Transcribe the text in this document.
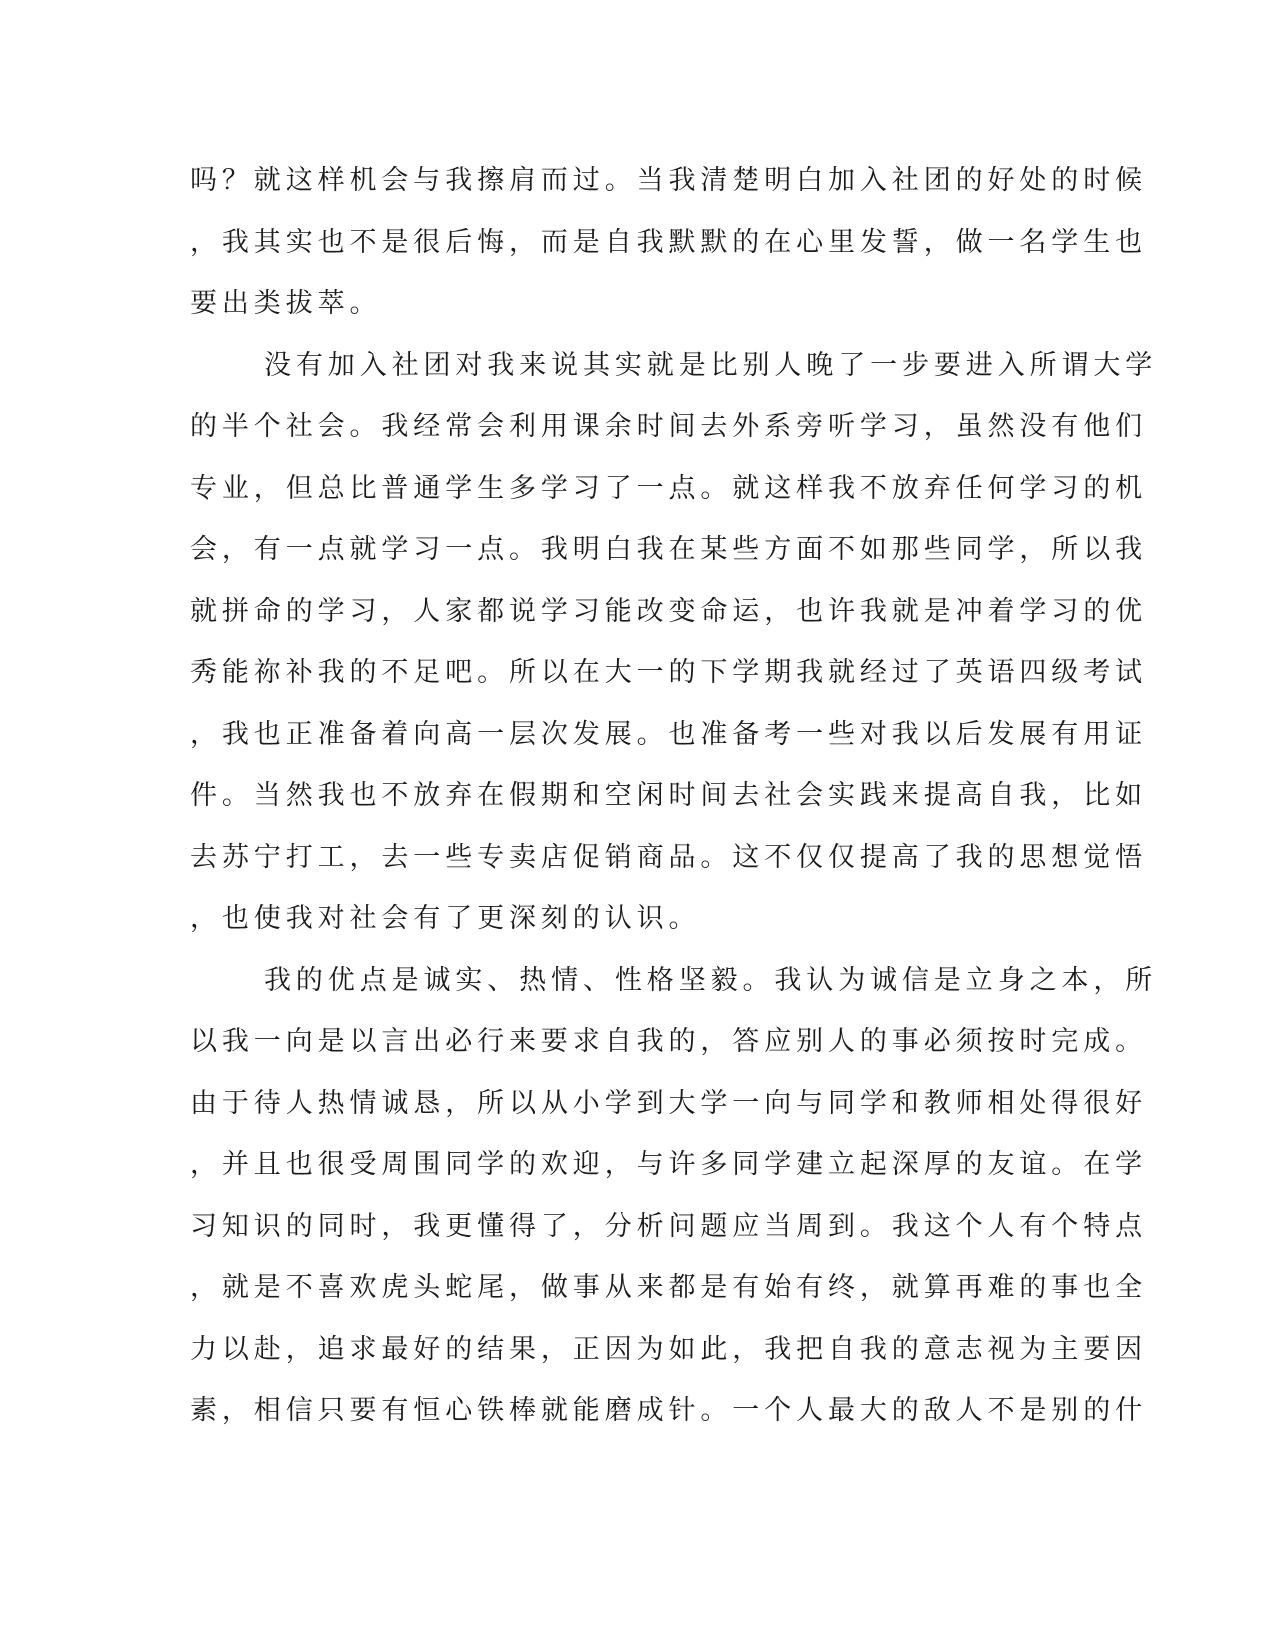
吗？就这样机会与我擦肩而过。当我清楚明白加入社团的好处的时候
，我其实也不是很后悔，而是自我默默的在心里发誓，做一名学生也
要出类拔萃。
没有加入社团对我来说其实就是比别人晚了一步要进入所谓大学
的半个社会。我经常会利用课余时间去外系旁听学习，虽然没有他们
专业，但总比普通学生多学习了一点。就这样我不放弃任何学习的机
会，有一点就学习一点。我明白我在某些方面不如那些同学，所以我
就拼命的学习，人家都说学习能改变命运，也许我就是冲着学习的优
秀能祢补我的不足吧。所以在大一的下学期我就经过了英语四级考试
，我也正准备着向高一层次发展。也准备考一些对我以后发展有用证
件。当然我也不放弃在假期和空闲时间去社会实践来提高自我，比如
去苏宁打工，去一些专卖店促销商品。这不仅仅提高了我的思想觉悟
，也使我对社会有了更深刻的认识。
我的优点是诚实、热情、性格坚毅。我认为诚信是立身之本，所
以我一向是以言出必行来要求自我的，答应别人的事必须按时完成。
由于待人热情诚恳，所以从小学到大学一向与同学和教师相处得很好
，并且也很受周围同学的欢迎，与许多同学建立起深厚的友谊。在学
习知识的同时，我更懂得了，分析问题应当周到。我这个人有个特点
，就是不喜欢虎头蛇尾，做事从来都是有始有终，就算再难的事也全
力以赴，追求最好的结果，正因为如此，我把自我的意志视为主要因
素，相信只要有恒心铁棒就能磨成针。一个人最大的敌人不是别的什
